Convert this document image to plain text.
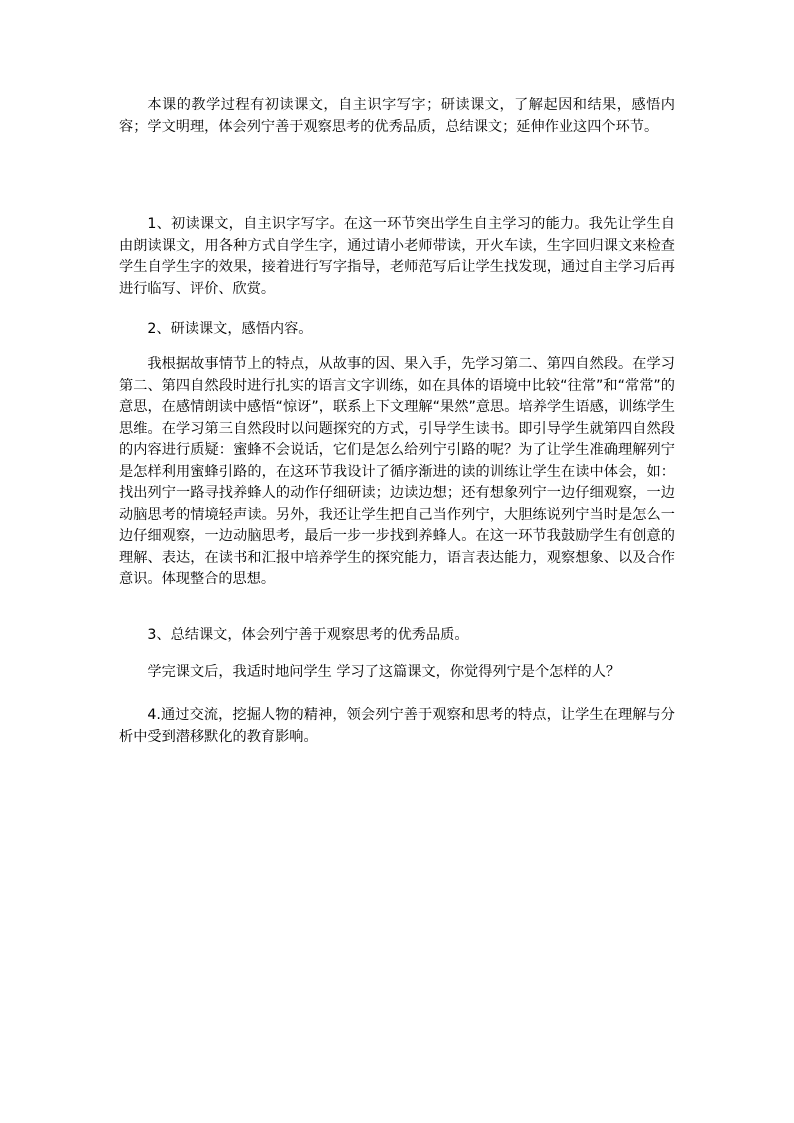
本课的教学过程有初读课文，自主识字写字；研读课文，了解起因和结果，感悟内容；学文明理，体会列宁善于观察思考的优秀品质，总结课文；延伸作业这四个环节。

1、初读课文，自主识字写字。在这一环节突出学生自主学习的能力。我先让学生自由朗读课文，用各种方式自学生字，通过请小老师带读，开火车读，生字回归课文来检查学生自学生字的效果，接着进行写字指导，老师范写后让学生找发现，通过自主学习后再进行临写、评价、欣赏。

2、研读课文，感悟内容。

我根据故事情节上的特点，从故事的因、果入手，先学习第二、第四自然段。在学习第二、第四自然段时进行扎实的语言文字训练，如在具体的语境中比较“往常”和“常常”的意思，在感情朗读中感悟“惊讶”，联系上下文理解“果然”意思。培养学生语感，训练学生思维。在学习第三自然段时以问题探究的方式，引导学生读书。即引导学生就第四自然段的内容进行质疑：蜜蜂不会说话，它们是怎么给列宁引路的呢？为了让学生准确理解列宁是怎样利用蜜蜂引路的，在这环节我设计了循序渐进的读的训练让学生在读中体会，如：找出列宁一路寻找养蜂人的动作仔细研读；边读边想；还有想象列宁一边仔细观察，一边动脑思考的情境轻声读。另外，我还让学生把自己当作列宁，大胆练说列宁当时是怎么一边仔细观察，一边动脑思考，最后一步一步找到养蜂人。在这一环节我鼓励学生有创意的理解、表达，在读书和汇报中培养学生的探究能力，语言表达能力，观察想象、以及合作意识。体现整合的思想。

3、总结课文，体会列宁善于观察思考的优秀品质。

学完课文后，我适时地问学生 学习了这篇课文，你觉得列宁是个怎样的人？

4.通过交流，挖掘人物的精神，领会列宁善于观察和思考的特点，让学生在理解与分析中受到潜移默化的教育影响。
